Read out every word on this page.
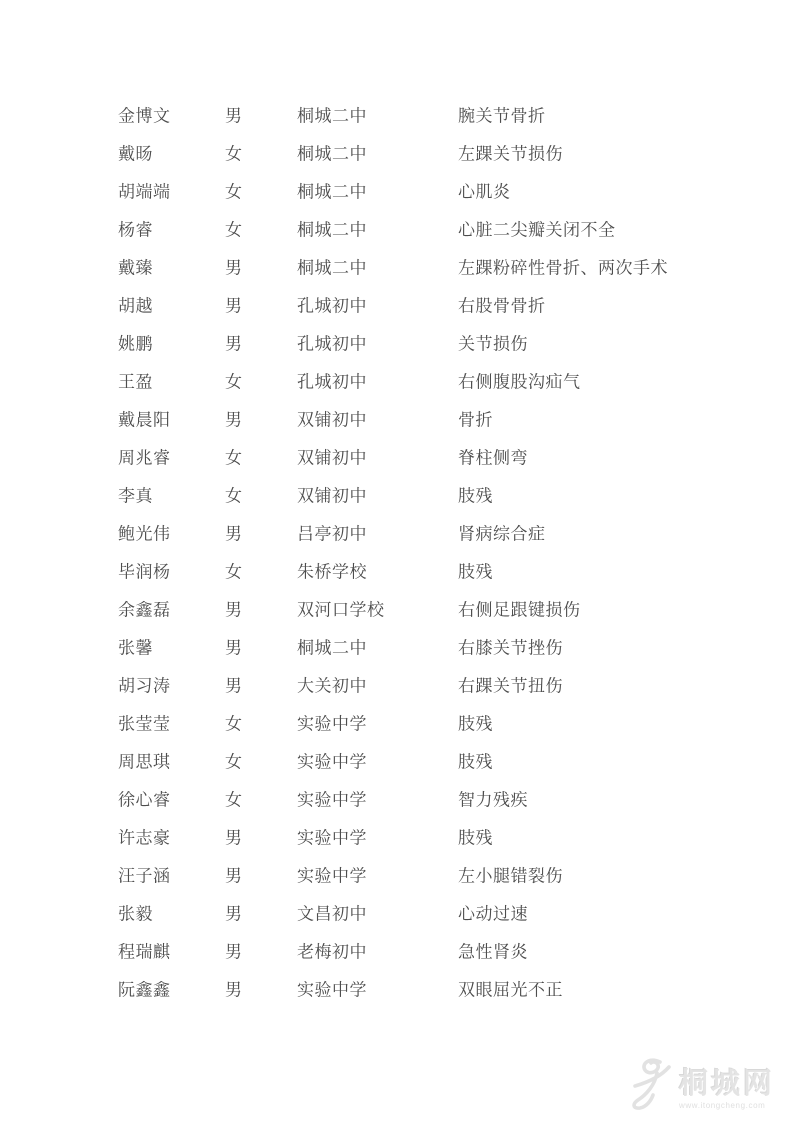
金博文	男	桐城二中	腕关节骨折
戴旸	女	桐城二中	左踝关节损伤
胡端端	女	桐城二中	心肌炎
杨睿	女	桐城二中	心脏二尖瓣关闭不全
戴臻	男	桐城二中	左踝粉碎性骨折、两次手术
胡越	男	孔城初中	右股骨骨折
姚鹏	男	孔城初中	关节损伤
王盈	女	孔城初中	右侧腹股沟疝气
戴晨阳	男	双铺初中	骨折
周兆睿	女	双铺初中	脊柱侧弯
李真	女	双铺初中	肢残
鲍光伟	男	吕亭初中	肾病综合症
毕润杨	女	朱桥学校	肢残
余鑫磊	男	双河口学校	右侧足跟键损伤
张馨	男	桐城二中	右膝关节挫伤
胡习涛	男	大关初中	右踝关节扭伤
张莹莹	女	实验中学	肢残
周思琪	女	实验中学	肢残
徐心睿	女	实验中学	智力残疾
许志豪	男	实验中学	肢残
汪子涵	男	实验中学	左小腿错裂伤
张毅	男	文昌初中	心动过速
程瑞麒	男	老梅初中	急性肾炎
阮鑫鑫	男	实验中学	双眼屈光不正
桐城网
www.itongcheng.com
